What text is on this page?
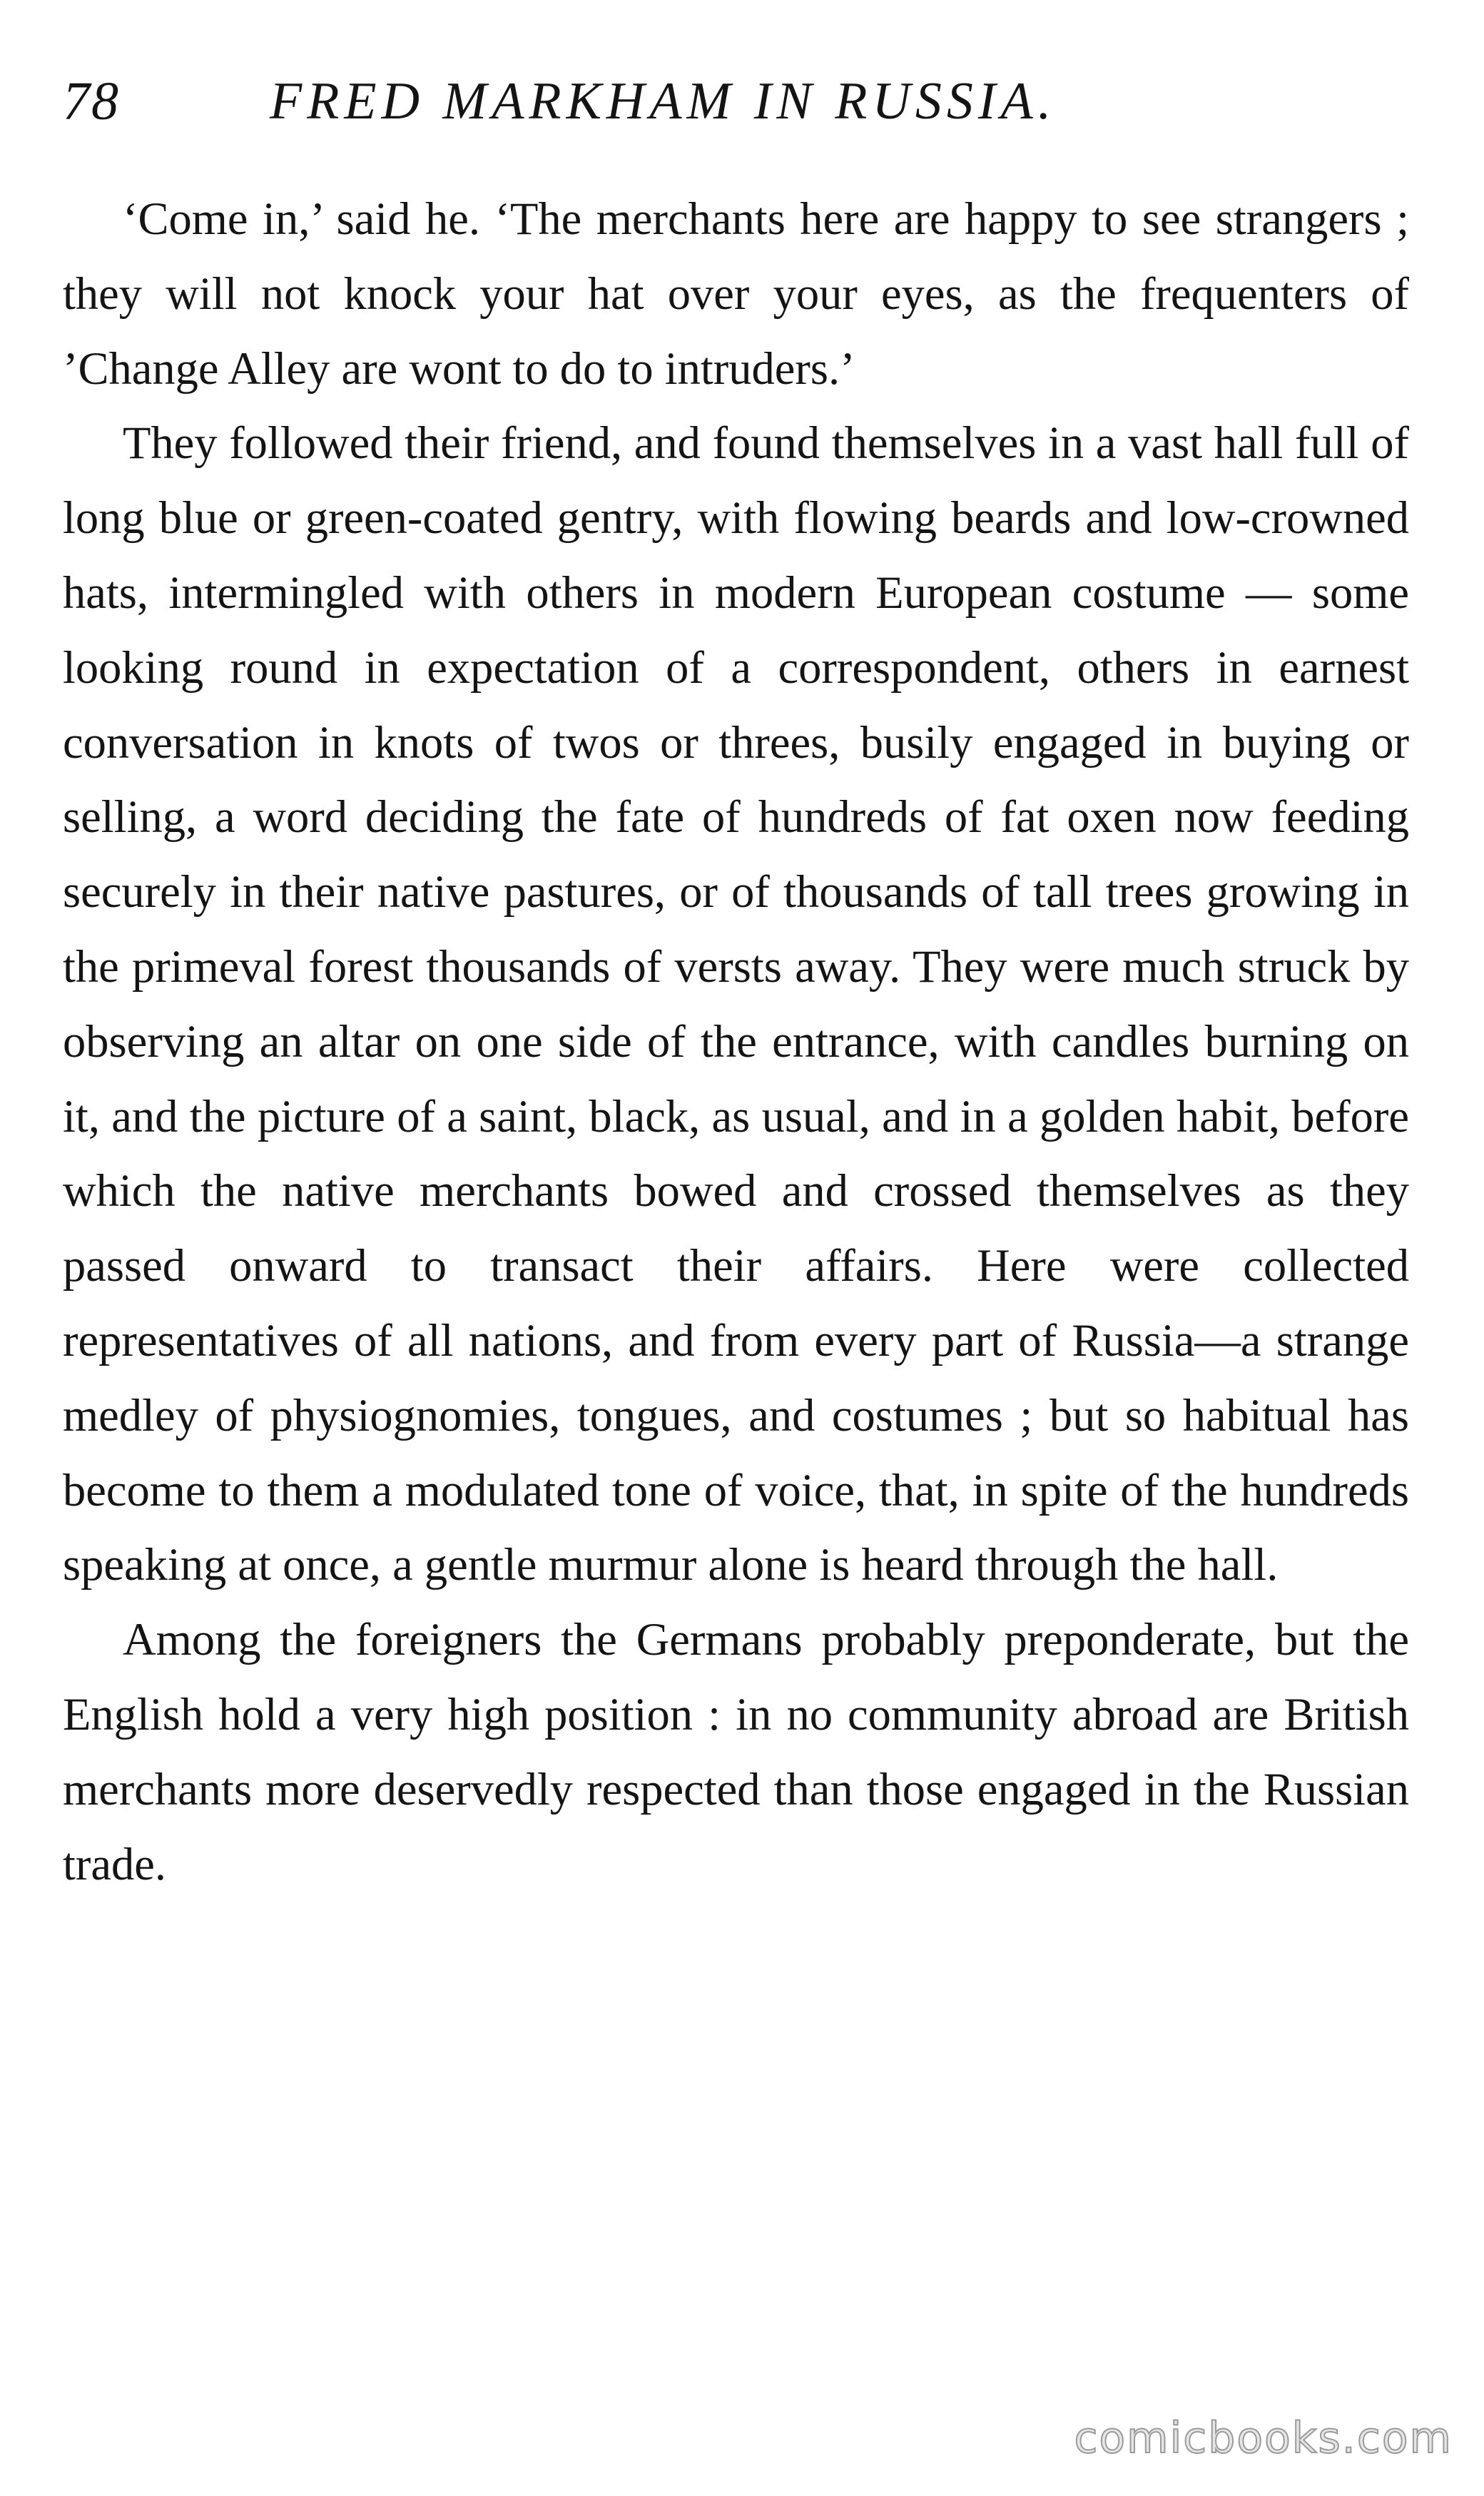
78	FRED MARKHAM IN RUSSIA.

‘Come in,’ said he. ‘The merchants here are happy to see strangers ; they will not knock your hat over your eyes, as the frequenters of ’Change Alley are wont to do to intruders.’

They followed their friend, and found themselves in a vast hall full of long blue or green-coated gentry, with flowing beards and low-crowned hats, intermingled with others in modern European costume — some looking round in expectation of a correspondent, others in earnest conversation in knots of twos or threes, busily engaged in buying or selling, a word deciding the fate of hundreds of fat oxen now feeding securely in their native pastures, or of thousands of tall trees growing in the primeval forest thousands of versts away. They were much struck by observing an altar on one side of the entrance, with candles burning on it, and the picture of a saint, black, as usual, and in a golden habit, before which the native merchants bowed and crossed themselves as they passed onward to transact their affairs. Here were collected representatives of all nations, and from every part of Russia—a strange medley of physiognomies, tongues, and costumes ; but so habitual has become to them a modulated tone of voice, that, in spite of the hundreds speaking at once, a gentle murmur alone is heard through the hall.

Among the foreigners the Germans probably preponderate, but the English hold a very high position : in no community abroad are British merchants more deservedly respected than those engaged in the Russian trade.

comicbooks.com
